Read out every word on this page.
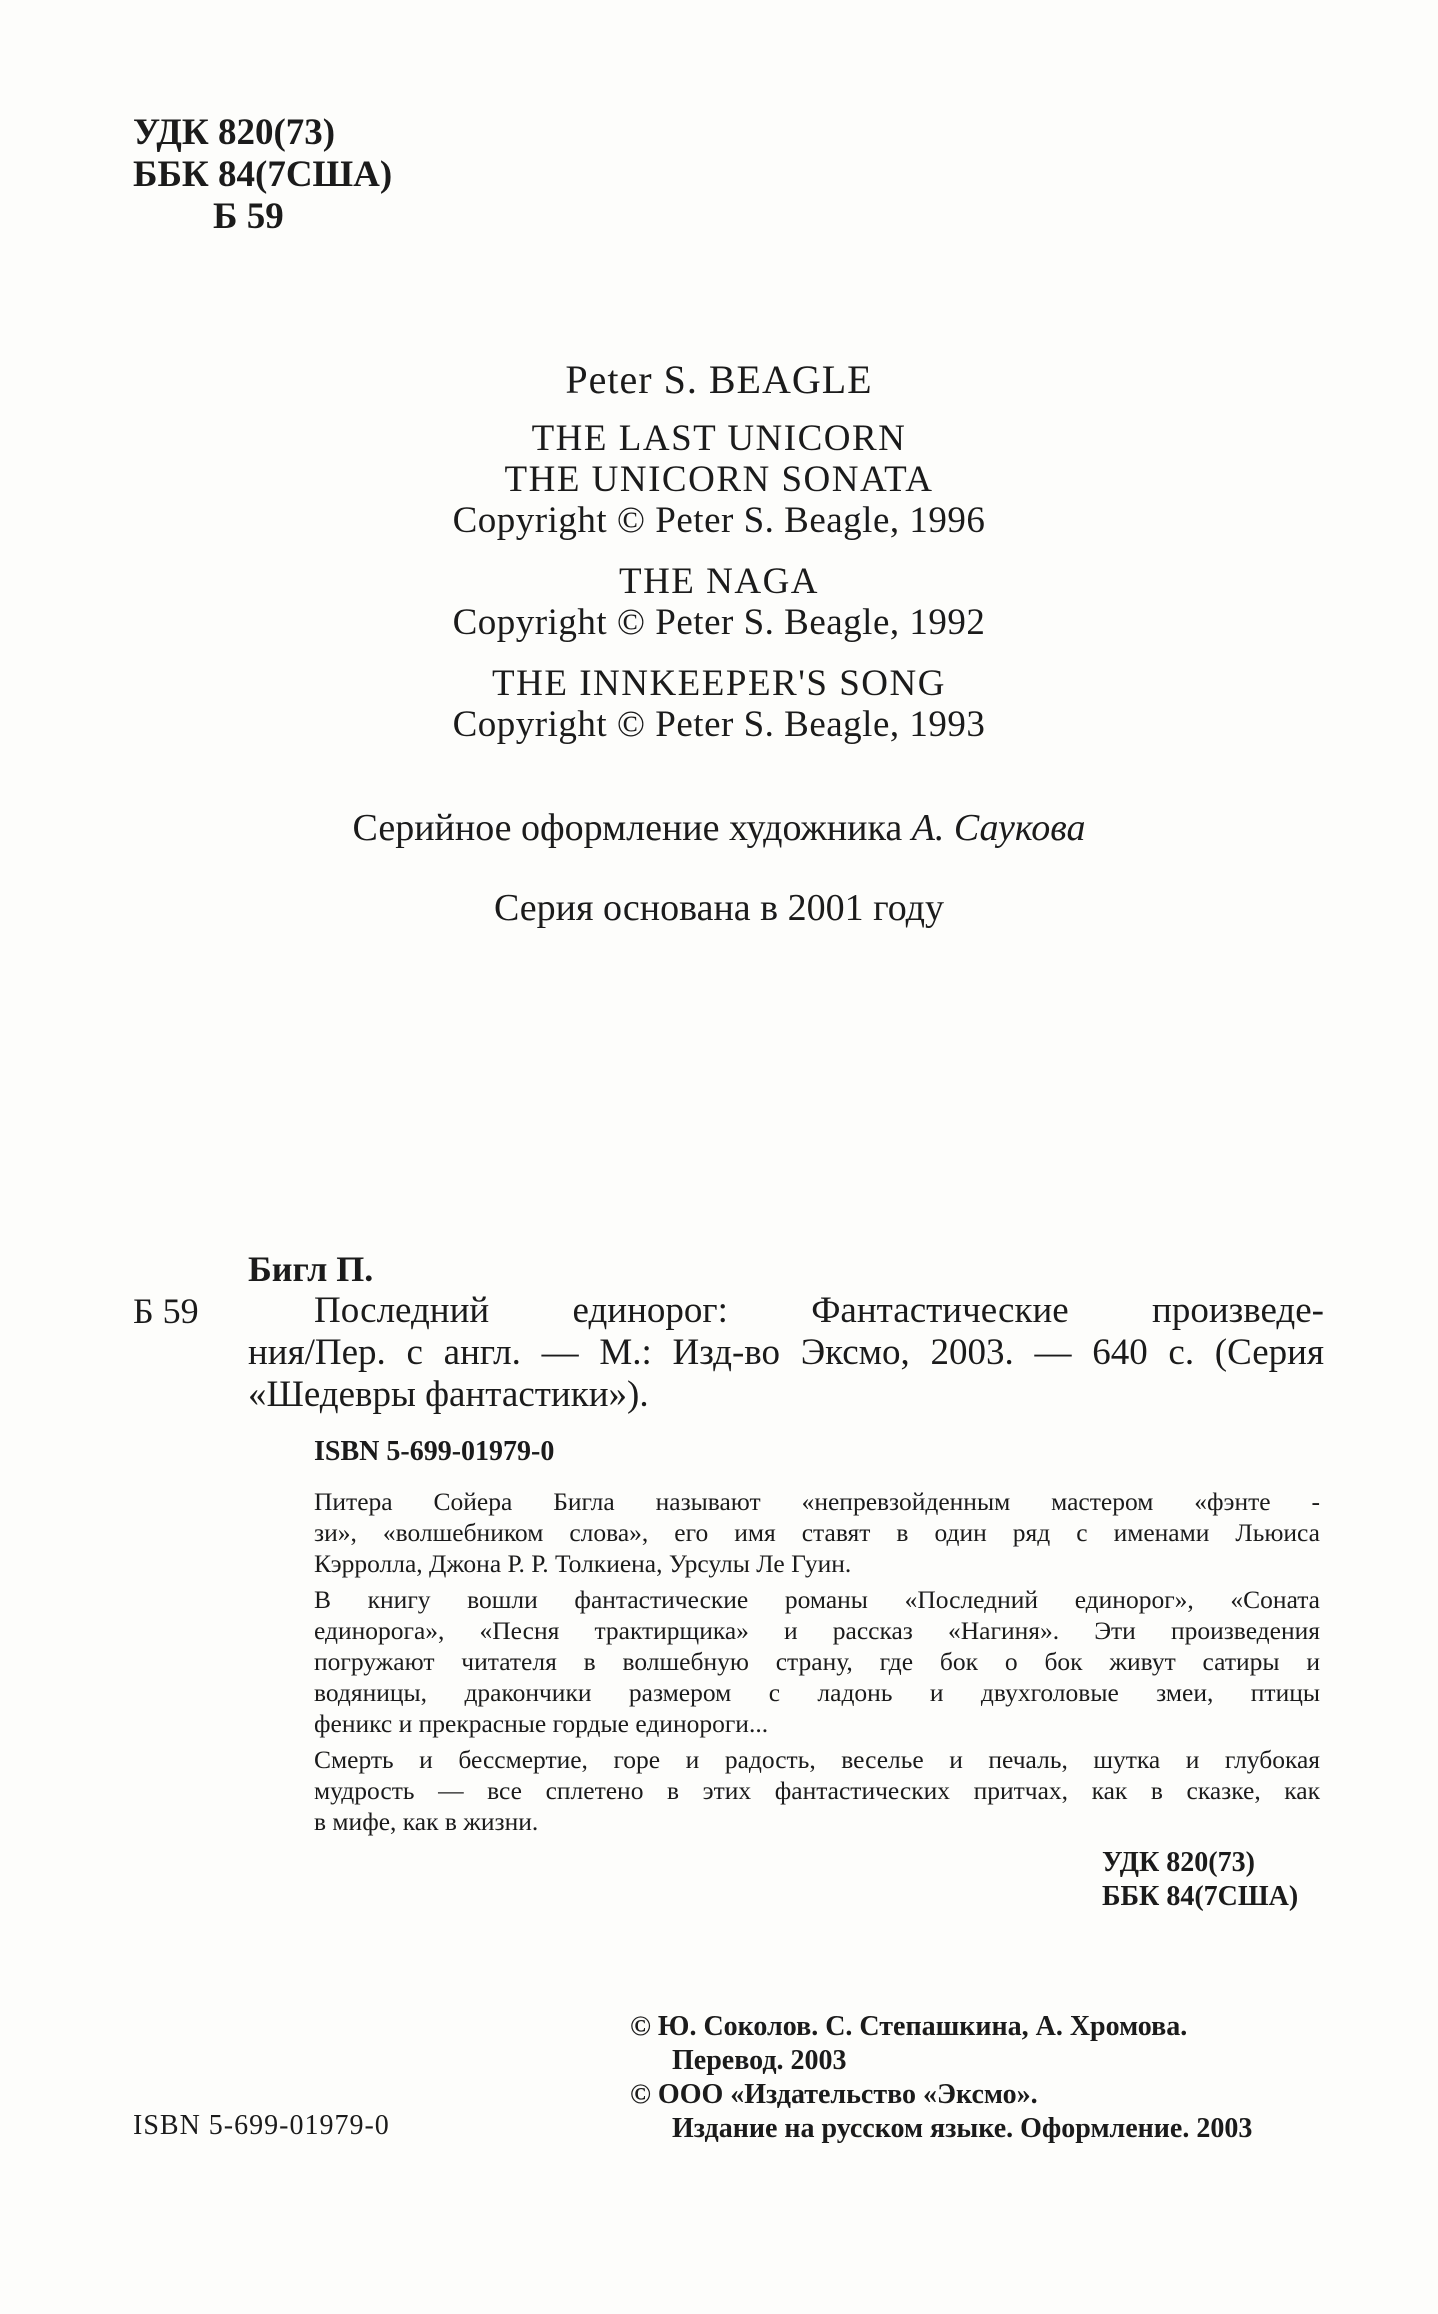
УДК 820(73)
ББК 84(7США)
Б 59
Peter S. BEAGLE
THE LAST UNICORN
THE UNICORN SONATA
Copyright © Peter S. Beagle, 1996
THE NAGA
Copyright © Peter S. Beagle, 1992
THE INNKEEPER'S SONG
Copyright © Peter S. Beagle, 1993
Серийное оформление художника А. Саукова
Серия основана в 2001 году
Бигл П.
Б 59	Последний единорог: Фантастические произведе-
ния/Пер. с англ. — М.: Изд-во Эксмо, 2003. — 640 с. (Серия
«Шедевры фантастики»).
ISBN 5-699-01979-0
Питера Сойера Бигла называют «непревзойденным мастером «фэнте -
зи», «волшебником слова», его имя ставят в один ряд с именами Льюиса
Кэрролла, Джона Р. Р. Толкиена, Урсулы Ле Гуин.
В книгу вошли фантастические романы «Последний единорог», «Соната
единорога», «Песня трактирщика» и рассказ «Нагиня». Эти произведения
погружают читателя в волшебную страну, где бок о бок живут сатиры и
водяницы, дракончики размером с ладонь и двухголовые змеи, птицы
феникс и прекрасные гордые единороги...
Смерть и бессмертие, горе и радость, веселье и печаль, шутка и глубокая
мудрость — все сплетено в этих фантастических притчах, как в сказке, как
в мифе, как в жизни.
УДК 820(73)
ББК 84(7США)
© Ю. Соколов. С. Степашкина, А. Хромова.
Перевод. 2003
© ООО «Издательство «Эксмо».
Издание на русском языке. Оформление. 2003
ISBN 5-699-01979-0
